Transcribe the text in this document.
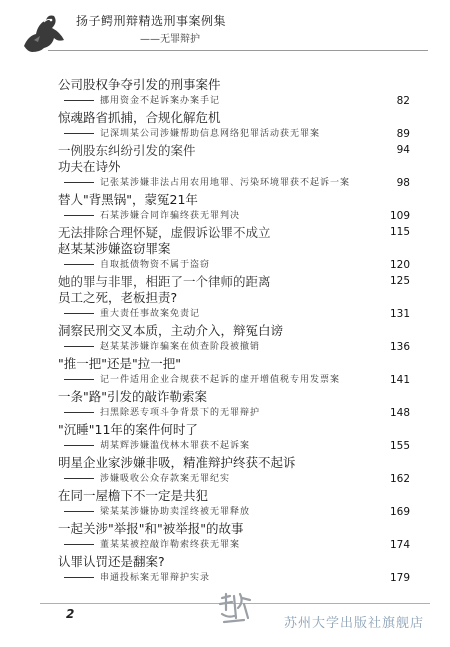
扬子鳄刑辩精选刑事案例集
——无罪辩护
公司股权争夺引发的刑事案件
挪用资金不起诉案办案手记	82
惊魂路省抓捕，合规化解危机
记深圳某公司涉嫌帮助信息网络犯罪活动获无罪案	89
一例股东纠纷引发的案件	94
功夫在诗外
记张某涉嫌非法占用农用地罪、污染环境罪获不起诉一案	98
替人"背黑锅"，蒙冤21年
石某涉嫌合同诈骗终获无罪判决	109
无法排除合理怀疑，虚假诉讼罪不成立	115
赵某某涉嫌盗窃罪案
自取抵债物资不属于盗窃	120
她的罪与非罪，相距了一个律师的距离	125
员工之死，老板担责?
重大责任事故案免责记	131
洞察民刑交叉本质，主动介入，辩冤白谤
赵某某涉嫌诈骗案在侦查阶段被撤销	136
"推一把"还是"拉一把"
记一件适用企业合规获不起诉的虚开增值税专用发票案	141
一条"路"引发的敲诈勒索案
扫黑除恶专项斗争背景下的无罪辩护	148
"沉睡"11年的案件何时了
胡某辉涉嫌滥伐林木罪获不起诉案	155
明星企业家涉嫌非吸，精准辩护终获不起诉
涉嫌吸收公众存款案无罪纪实	162
在同一屋檐下不一定是共犯
梁某某涉嫌协助卖淫终被无罪释放	169
一起关涉"举报"和"被举报"的故事
董某某被控敲诈勒索终获无罪案	174
认罪认罚还是翻案?
串通投标案无罪辩护实录	179
2
苏州大学出版社旗舰店
